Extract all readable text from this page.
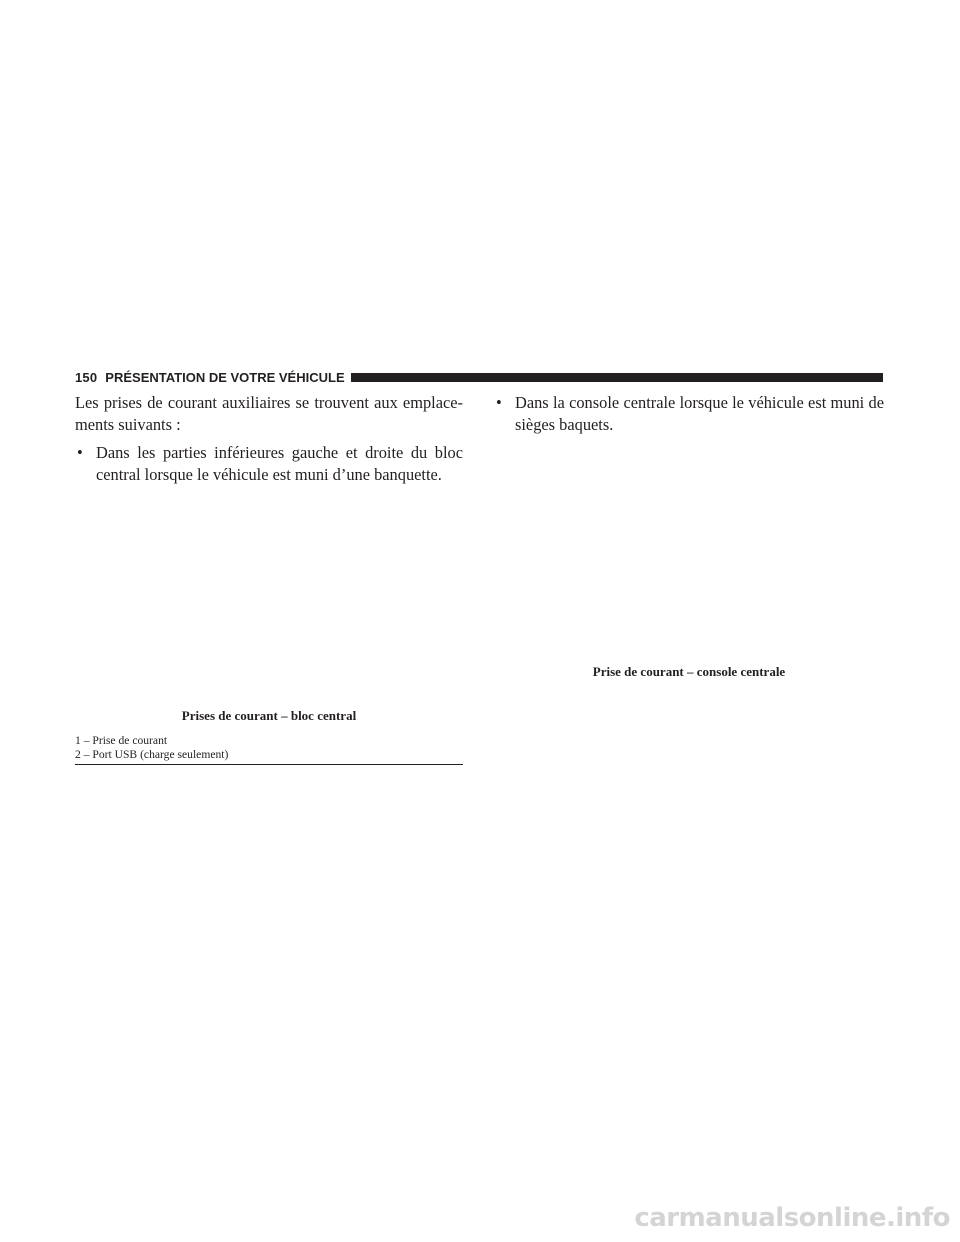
150 PRÉSENTATION DE VOTRE VÉHICULE

Les prises de courant auxiliaires se trouvent aux emplace- ments suivants :

• Dans les parties inférieures gauche et droite du bloc central lorsque le véhicule est muni d’une banquette.
• Dans la console centrale lorsque le véhicule est muni de sièges baquets.
Prise de courant – console centrale
Prises de courant – bloc central
1 – Prise de courant
2 – Port USB (charge seulement)
carmanualsonline.info
